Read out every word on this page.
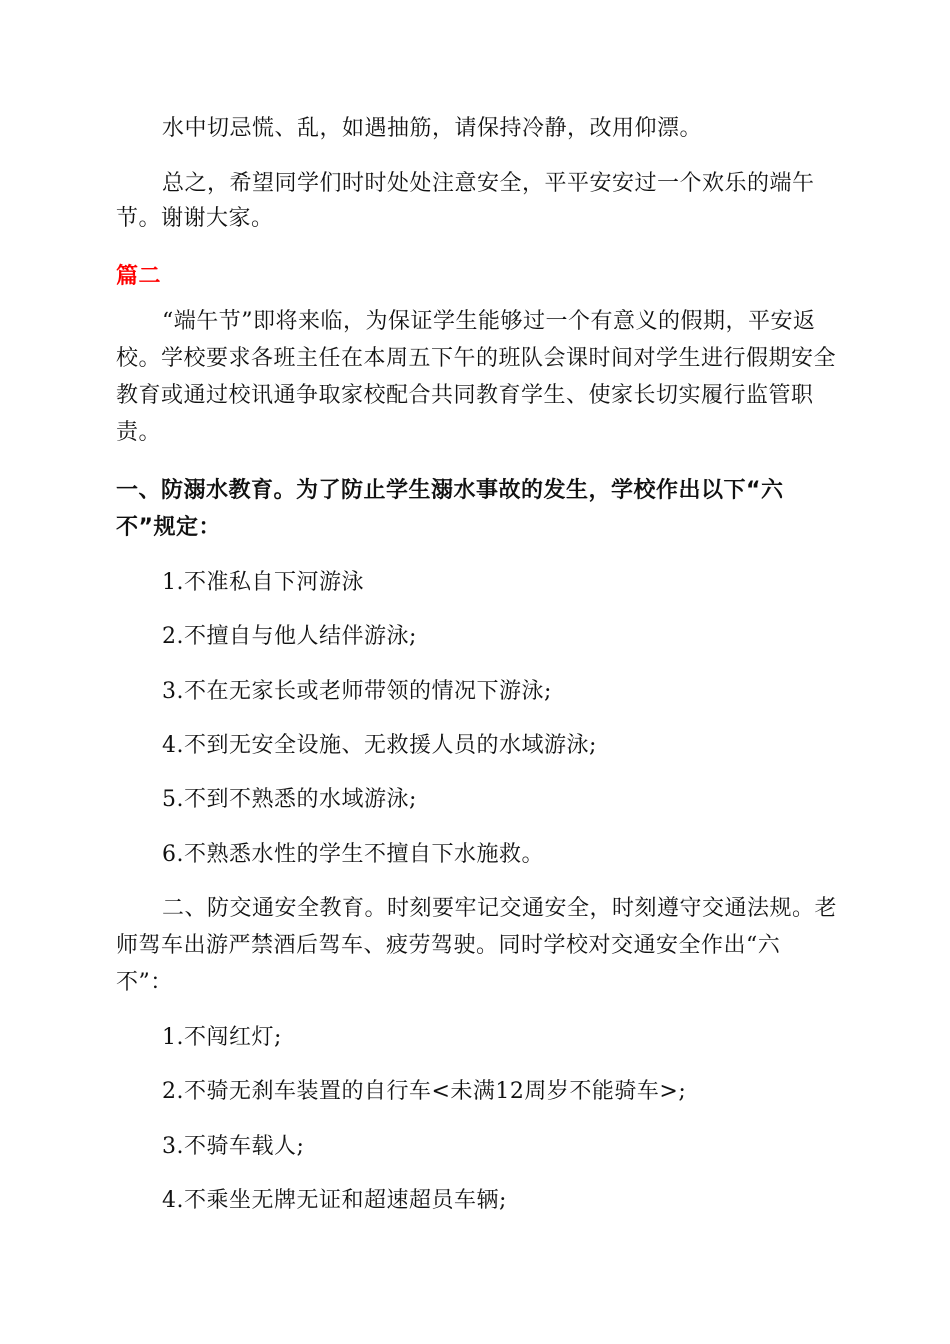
水中切忌慌、乱，如遇抽筋，请保持冷静，改用仰漂。
总之，希望同学们时时处处注意安全，平平安安过一个欢乐的端午
节。谢谢大家。
篇二
“端午节”即将来临，为保证学生能够过一个有意义的假期，平安返
校。学校要求各班主任在本周五下午的班队会课时间对学生进行假期安全
教育或通过校讯通争取家校配合共同教育学生、使家长切实履行监管职
责。
一、防溺水教育。为了防止学生溺水事故的发生，学校作出以下“六
不”规定：
1.不准私自下河游泳
2.不擅自与他人结伴游泳;
3.不在无家长或老师带领的情况下游泳;
4.不到无安全设施、无救援人员的水域游泳;
5.不到不熟悉的水域游泳;
6.不熟悉水性的学生不擅自下水施救。
二、防交通安全教育。时刻要牢记交通安全，时刻遵守交通法规。老
师驾车出游严禁酒后驾车、疲劳驾驶。同时学校对交通安全作出“六
不”：
1.不闯红灯;
2.不骑无刹车装置的自行车<未满12周岁不能骑车>;
3.不骑车载人;
4.不乘坐无牌无证和超速超员车辆;
